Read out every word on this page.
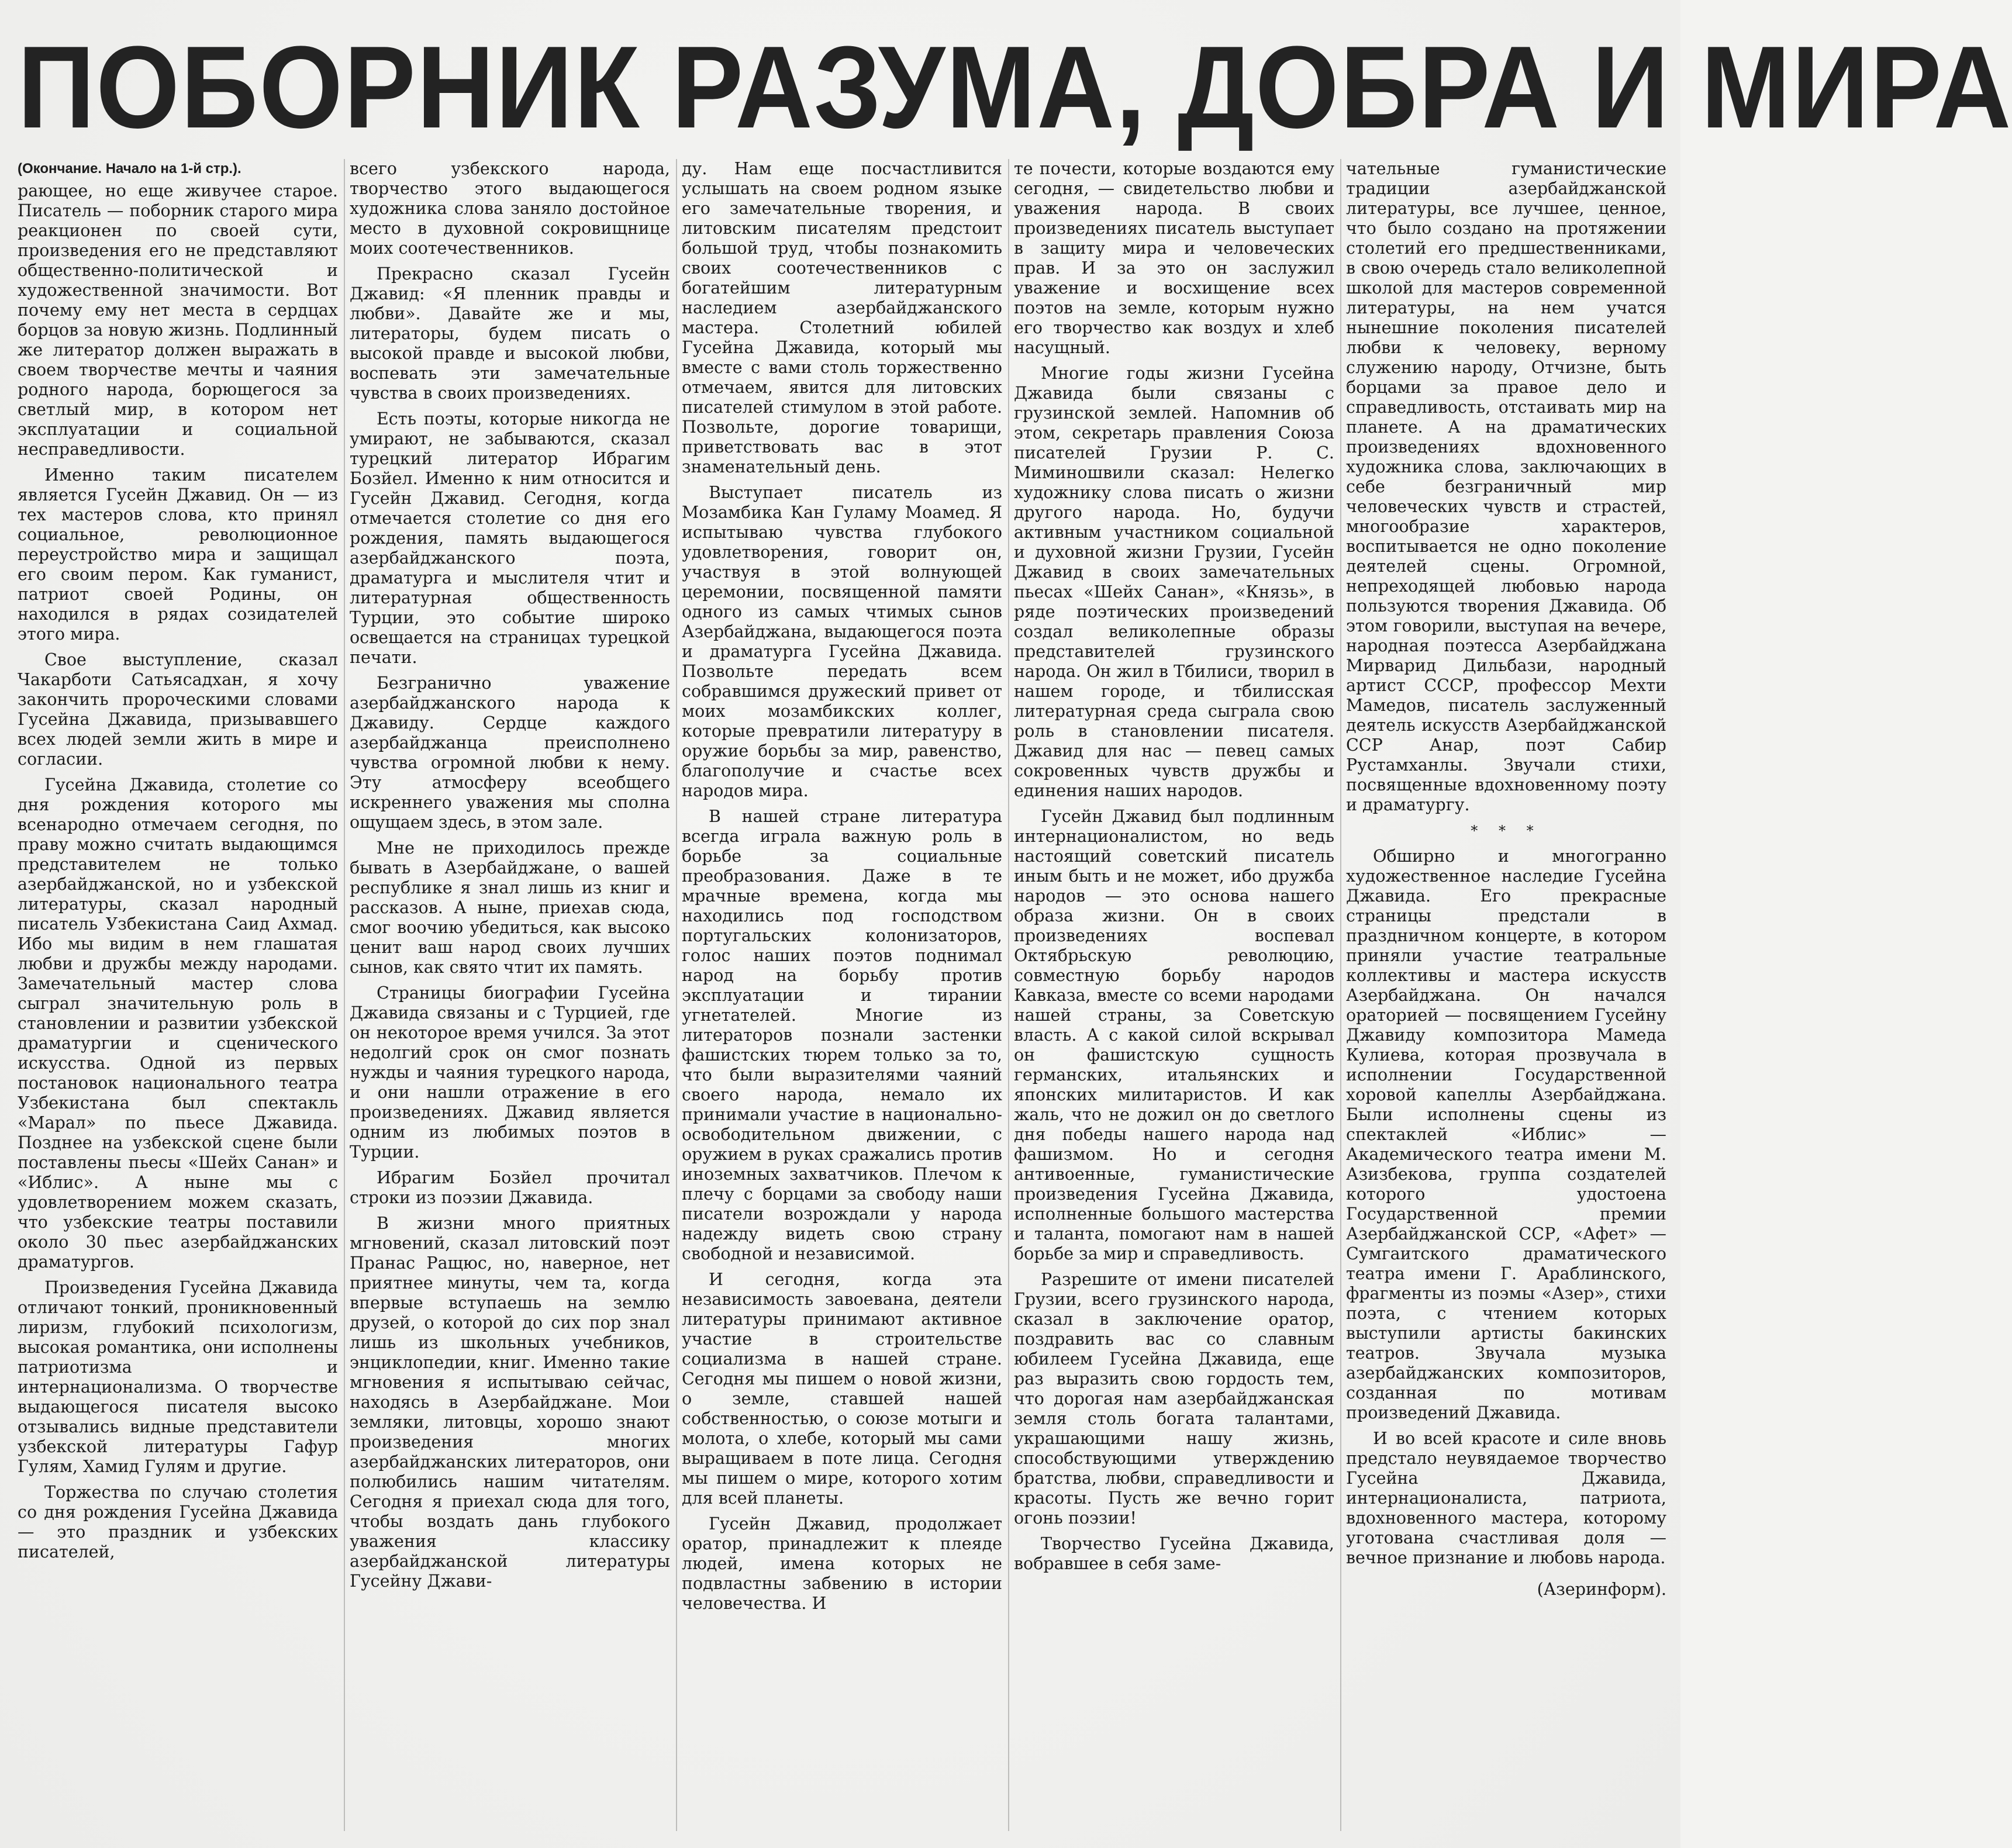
ПОБОРНИК РАЗУМА, ДОБРА И МИРА

(Окончание. Начало на 1-й стр.).

рающее, но еще живучее старое. Писатель — поборник старого мира реакционен по своей сути, произведения его не представляют общественно-политической и художественной значимости. Вот почему ему нет места в сердцах борцов за новую жизнь. Подлинный же литератор должен выражать в своем творчестве мечты и чаяния родного народа, борющегося за светлый мир, в котором нет эксплуатации и социальной несправедливости.

Именно таким писателем является Гусейн Джавид. Он — из тех мастеров слова, кто принял социальное, революционное переустройство мира и защищал его своим пером. Как гуманист, патриот своей Родины, он находился в рядах созидателей этого мира.

Свое выступление, сказал Чакарботи Сатьясадхан, я хочу закончить пророческими словами Гусейна Джавида, призывавшего всех людей земли жить в мире и согласии.

Гусейна Джавида, столетие со дня рождения которого мы всенародно отмечаем сегодня, по праву можно считать выдающимся представителем не только азербайджанской, но и узбекской литературы, сказал народный писатель Узбекистана Саид Ахмад. Ибо мы видим в нем глашатая любви и дружбы между народами. Замечательный мастер слова сыграл значительную роль в становлении и развитии узбекской драматургии и сценического искусства. Одной из первых постановок национального театра Узбекистана был спектакль «Марал» по пьесе Джавида. Позднее на узбекской сцене были поставлены пьесы «Шейх Санан» и «Иблис». А ныне мы с удовлетворением можем сказать, что узбекские театры поставили около 30 пьес азербайджанских драматургов.

Произведения Гусейна Джавида отличают тонкий, проникновенный лиризм, глубокий психологизм, высокая романтика, они исполнены патриотизма и интернационализма. О творчестве выдающегося писателя высоко отзывались видные представители узбекской литературы Гафур Гулям, Хамид Гулям и другие.

Торжества по случаю столетия со дня рождения Гусейна Джавида — это праздник и узбекских писателей,

всего узбекского народа, творчество этого выдающегося художника слова заняло достойное место в духовной сокровищнице моих соотечественников.

Прекрасно сказал Гусейн Джавид: «Я пленник правды и любви». Давайте же и мы, литераторы, будем писать о высокой правде и высокой любви, воспевать эти замечательные чувства в своих произведениях.

Есть поэты, которые никогда не умирают, не забываются, сказал турецкий литератор Ибрагим Бозйел. Именно к ним относится и Гусейн Джавид. Сегодня, когда отмечается столетие со дня его рождения, память выдающегося азербайджанского поэта, драматурга и мыслителя чтит и литературная общественность Турции, это событие широко освещается на страницах турецкой печати.

Безгранично уважение азербайджанского народа к Джавиду. Сердце каждого азербайджанца преисполнено чувства огромной любви к нему. Эту атмосферу всеобщего искреннего уважения мы сполна ощущаем здесь, в этом зале.

Мне не приходилось прежде бывать в Азербайджане, о вашей республике я знал лишь из книг и рассказов. А ныне, приехав сюда, смог воочию убедиться, как высоко ценит ваш народ своих лучших сынов, как свято чтит их память.

Страницы биографии Гусейна Джавида связаны и с Турцией, где он некоторое время учился. За этот недолгий срок он смог познать нужды и чаяния турецкого народа, и они нашли отражение в его произведениях. Джавид является одним из любимых поэтов в Турции.

Ибрагим Бозйел прочитал строки из поэзии Джавида.

В жизни много приятных мгновений, сказал литовский поэт Пранас Ращюс, но, наверное, нет приятнее минуты, чем та, когда впервые вступаешь на землю друзей, о которой до сих пор знал лишь из школьных учебников, энциклопедии, книг. Именно такие мгновения я испытываю сейчас, находясь в Азербайджане. Мои земляки, литовцы, хорошо знают произведения многих азербайджанских литераторов, они полюбились нашим читателям. Сегодня я приехал сюда для того, чтобы воздать дань глубокого уважения классику азербайджанской литературы Гусейну Джави-

ду. Нам еще посчастливится услышать на своем родном языке его замечательные творения, и литовским писателям предстоит большой труд, чтобы познакомить своих соотечественников с богатейшим литературным наследием азербайджанского мастера. Столетний юбилей Гусейна Джавида, который мы вместе с вами столь торжественно отмечаем, явится для литовских писателей стимулом в этой работе. Позвольте, дорогие товарищи, приветствовать вас в этот знаменательный день.

Выступает писатель из Мозамбика Кан Гуламу Моамед. Я испытываю чувства глубокого удовлетворения, говорит он, участвуя в этой волнующей церемонии, посвященной памяти одного из самых чтимых сынов Азербайджана, выдающегося поэта и драматурга Гусейна Джавида. Позвольте передать всем собравшимся дружеский привет от моих мозамбикских коллег, которые превратили литературу в оружие борьбы за мир, равенство, благополучие и счастье всех народов мира.

В нашей стране литература всегда играла важную роль в борьбе за социальные преобразования. Даже в те мрачные времена, когда мы находились под господством португальских колонизаторов, голос наших поэтов поднимал народ на борьбу против эксплуатации и тирании угнетателей. Многие из литераторов познали застенки фашистских тюрем только за то, что были выразителями чаяний своего народа, немало их принимали участие в национально-освободительном движении, с оружием в руках сражались против иноземных захватчиков. Плечом к плечу с борцами за свободу наши писатели возрождали у народа надежду видеть свою страну свободной и независимой.

И сегодня, когда эта независимость завоевана, деятели литературы принимают активное участие в строительстве социализма в нашей стране. Сегодня мы пишем о новой жизни, о земле, ставшей нашей собственностью, о союзе мотыги и молота, о хлебе, который мы сами выращиваем в поте лица. Сегодня мы пишем о мире, которого хотим для всей планеты.

Гусейн Джавид, продолжает оратор, принадлежит к плеяде людей, имена которых не подвластны забвению в истории человечества. И

те почести, которые воздаются ему сегодня, — свидетельство любви и уважения народа. В своих произведениях писатель выступает в защиту мира и человеческих прав. И за это он заслужил уважение и восхищение всех поэтов на земле, которым нужно его творчество как воздух и хлеб насущный.

Многие годы жизни Гусейна Джавида были связаны с грузинской землей. Напомнив об этом, секретарь правления Союза писателей Грузии Р. С. Миминошвили сказал: Нелегко художнику слова писать о жизни другого народа. Но, будучи активным участником социальной и духовной жизни Грузии, Гусейн Джавид в своих замечательных пьесах «Шейх Санан», «Князь», в ряде поэтических произведений создал великолепные образы представителей грузинского народа. Он жил в Тбилиси, творил в нашем городе, и тбилисская литературная среда сыграла свою роль в становлении писателя. Джавид для нас — певец самых сокровенных чувств дружбы и единения наших народов.

Гусейн Джавид был подлинным интернационалистом, но ведь настоящий советский писатель иным быть и не может, ибо дружба народов — это основа нашего образа жизни. Он в своих произведениях воспевал Октябрьскую революцию, совместную борьбу народов Кавказа, вместе со всеми народами нашей страны, за Советскую власть. А с какой силой вскрывал он фашистскую сущность германских, итальянских и японских милитаристов. И как жаль, что не дожил он до светлого дня победы нашего народа над фашизмом. Но и сегодня антивоенные, гуманистические произведения Гусейна Джавида, исполненные большого мастерства и таланта, помогают нам в нашей борьбе за мир и справедливость.

Разрешите от имени писателей Грузии, всего грузинского народа, сказал в заключение оратор, поздравить вас со славным юбилеем Гусейна Джавида, еще раз выразить свою гордость тем, что дорогая нам азербайджанская земля столь богата талантами, украшающими нашу жизнь, способствующими утверждению братства, любви, справедливости и красоты. Пусть же вечно горит огонь поэзии!

Творчество Гусейна Джавида, вобравшее в себя заме-

чательные гуманистические традиции азербайджанской литературы, все лучшее, ценное, что было создано на протяжении столетий его предшественниками, в свою очередь стало великолепной школой для мастеров современной литературы, на нем учатся нынешние поколения писателей любви к человеку, верному служению народу, Отчизне, быть борцами за правое дело и справедливость, отстаивать мир на планете. А на драматических произведениях вдохновенного художника слова, заключающих в себе безграничный мир человеческих чувств и страстей, многообразие характеров, воспитывается не одно поколение деятелей сцены. Огромной, непреходящей любовью народа пользуются творения Джавида. Об этом говорили, выступая на вечере, народная поэтесса Азербайджана Мирварид Дильбази, народный артист СССР, профессор Мехти Мамедов, писатель заслуженный деятель искусств Азербайджанской ССР Анар, поэт Сабир Рустамханлы. Звучали стихи, посвященные вдохновенному поэту и драматургу.

* * *

Обширно и многогранно художественное наследие Гусейна Джавида. Его прекрасные страницы предстали в праздничном концерте, в котором приняли участие театральные коллективы и мастера искусств Азербайджана. Он начался ораторией — посвящением Гусейну Джавиду композитора Мамеда Кулиева, которая прозвучала в исполнении Государственной хоровой капеллы Азербайджана. Были исполнены сцены из спектаклей «Иблис» — Академического театра имени М. Азизбекова, группа создателей которого удостоена Государственной премии Азербайджанской ССР, «Афет» — Сумгаитского драматического театра имени Г. Араблинского, фрагменты из поэмы «Азер», стихи поэта, с чтением которых выступили артисты бакинских театров. Звучала музыка азербайджанских композиторов, созданная по мотивам произведений Джавида.

И во всей красоте и силе вновь предстало неувядаемое творчество Гусейна Джавида, интернационалиста, патриота, вдохновенного мастера, которому уготована счастливая доля — вечное признание и любовь народа.

(Азеринформ).
